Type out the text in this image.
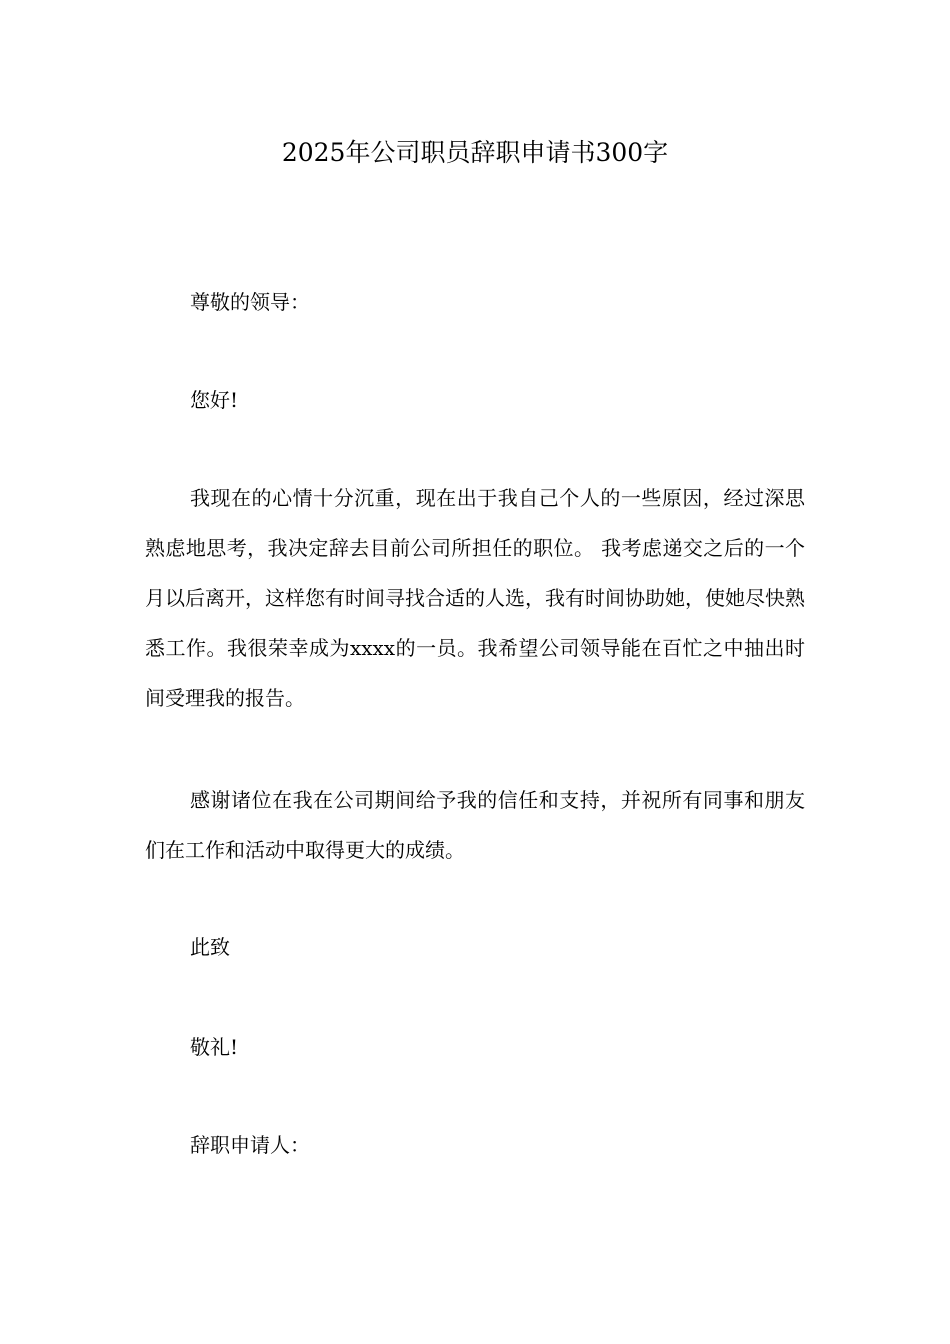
2025年公司职员辞职申请书300字

尊敬的领导：

您好!

我现在的心情十分沉重，现在出于我自己个人的一些原因，经过深思熟虑地思考，我决定辞去目前公司所担任的职位。 我考虑递交之后的一个月以后离开，这样您有时间寻找合适的人选，我有时间协助她，使她尽快熟悉工作。我很荣幸成为xxxx的一员。我希望公司领导能在百忙之中抽出时间受理我的报告。

感谢诸位在我在公司期间给予我的信任和支持，并祝所有同事和朋友们在工作和活动中取得更大的成绩。

此致

敬礼!

辞职申请人：
